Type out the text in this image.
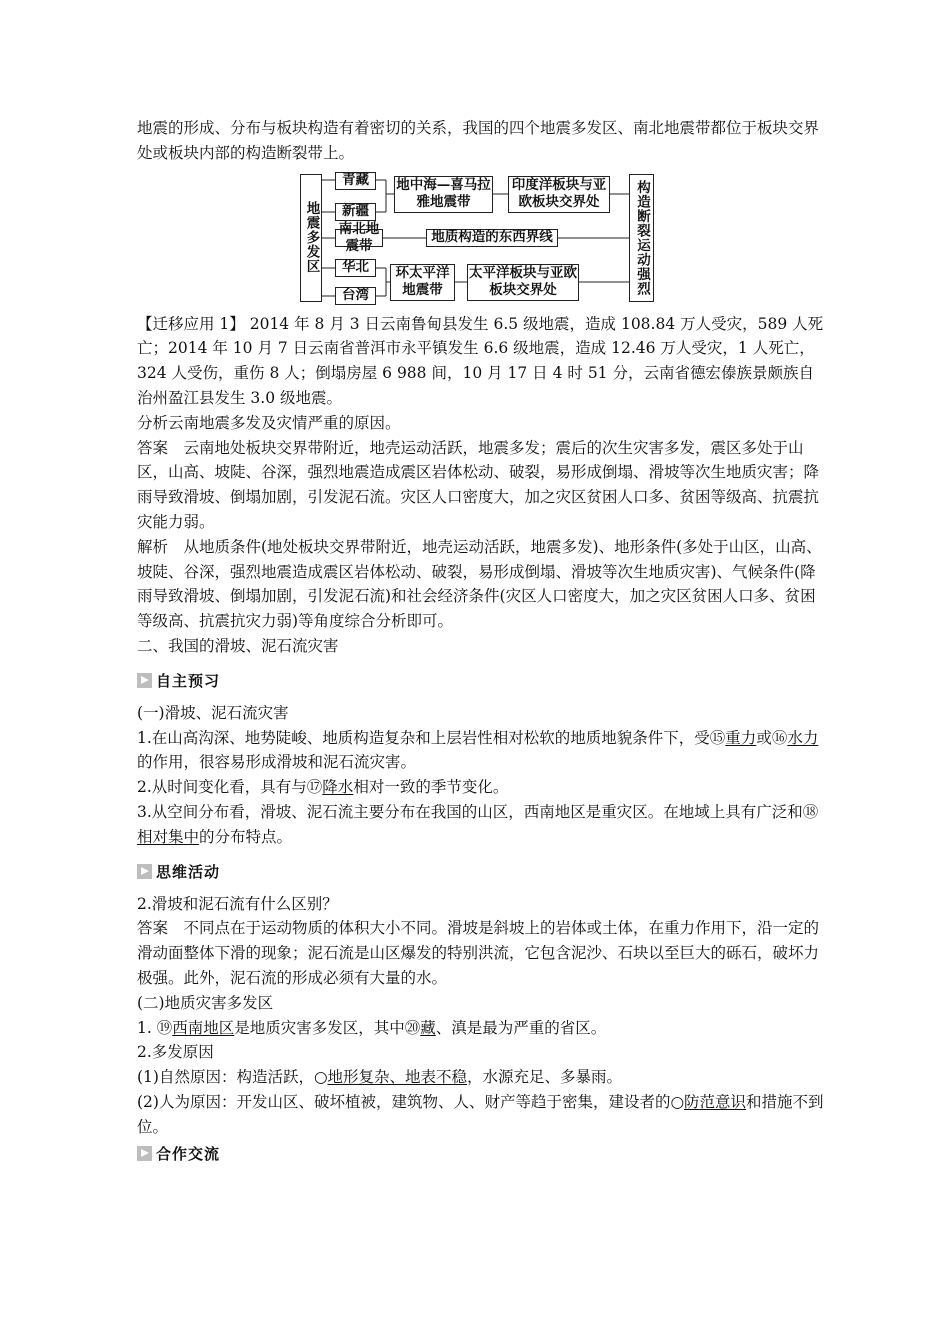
地震的形成、分布与板块构造有着密切的关系，我国的四个地震多发区、南北地震带都位于板块交界处或板块内部的构造断裂带上。

地震多发区	构造断裂运动强烈
青藏
新疆
地中海—喜马拉雅地震带
印度洋板块与亚欧板块交界处
南北地震带
地质构造的东西界线
华北
台湾
环太平洋地震带
太平洋板块与亚欧板块交界处

【迁移应用 1】 2014 年 8 月 3 日云南鲁甸县发生 6.5 级地震，造成 108.84 万人受灾，589 人死亡；2014 年 10 月 7 日云南省普洱市永平镇发生 6.6 级地震，造成 12.46 万人受灾，1 人死亡，324 人受伤，重伤 8 人；倒塌房屋 6 988 间，10 月 17 日 4 时 51 分，云南省德宏傣族景颇族自治州盈江县发生 3.0 级地震。

分析云南地震多发及灾情严重的原因。

答案　云南地处板块交界带附近，地壳运动活跃，地震多发；震后的次生灾害多发，震区多处于山区，山高、坡陡、谷深，强烈地震造成震区岩体松动、破裂，易形成倒塌、滑坡等次生地质灾害；降雨导致滑坡、倒塌加剧，引发泥石流。灾区人口密度大，加之灾区贫困人口多、贫困等级高、抗震抗灾能力弱。

解析　从地质条件(地处板块交界带附近，地壳运动活跃，地震多发)、地形条件(多处于山区，山高、坡陡、谷深，强烈地震造成震区岩体松动、破裂，易形成倒塌、滑坡等次生地质灾害)、气候条件(降雨导致滑坡、倒塌加剧，引发泥石流)和社会经济条件(灾区人口密度大，加之灾区贫困人口多、贫困等级高、抗震抗灾力弱)等角度综合分析即可。

二、我国的滑坡、泥石流灾害

自主预习

(一)滑坡、泥石流灾害

1.在山高沟深、地势陡峻、地质构造复杂和上层岩性相对松软的地质地貌条件下，受⑮重力或⑯水力的作用，很容易形成滑坡和泥石流灾害。

2.从时间变化看，具有与⑰降水相对一致的季节变化。

3.从空间分布看，滑坡、泥石流主要分布在我国的山区，西南地区是重灾区。在地域上具有广泛和⑱相对集中的分布特点。

思维活动

2.滑坡和泥石流有什么区别？

答案　不同点在于运动物质的体积大小不同。滑坡是斜坡上的岩体或土体，在重力作用下，沿一定的滑动面整体下滑的现象；泥石流是山区爆发的特别洪流，它包含泥沙、石块以至巨大的砾石，破坏力极强。此外，泥石流的形成必须有大量的水。

(二)地质灾害多发区

1. ⑲西南地区是地质灾害多发区，其中⑳藏、滇是最为严重的省区。

2.多发原因

(1)自然原因：构造活跃，○地形复杂、地表不稳，水源充足、多暴雨。

(2)人为原因：开发山区、破坏植被，建筑物、人、财产等趋于密集，建设者的○防范意识和措施不到位。

合作交流
